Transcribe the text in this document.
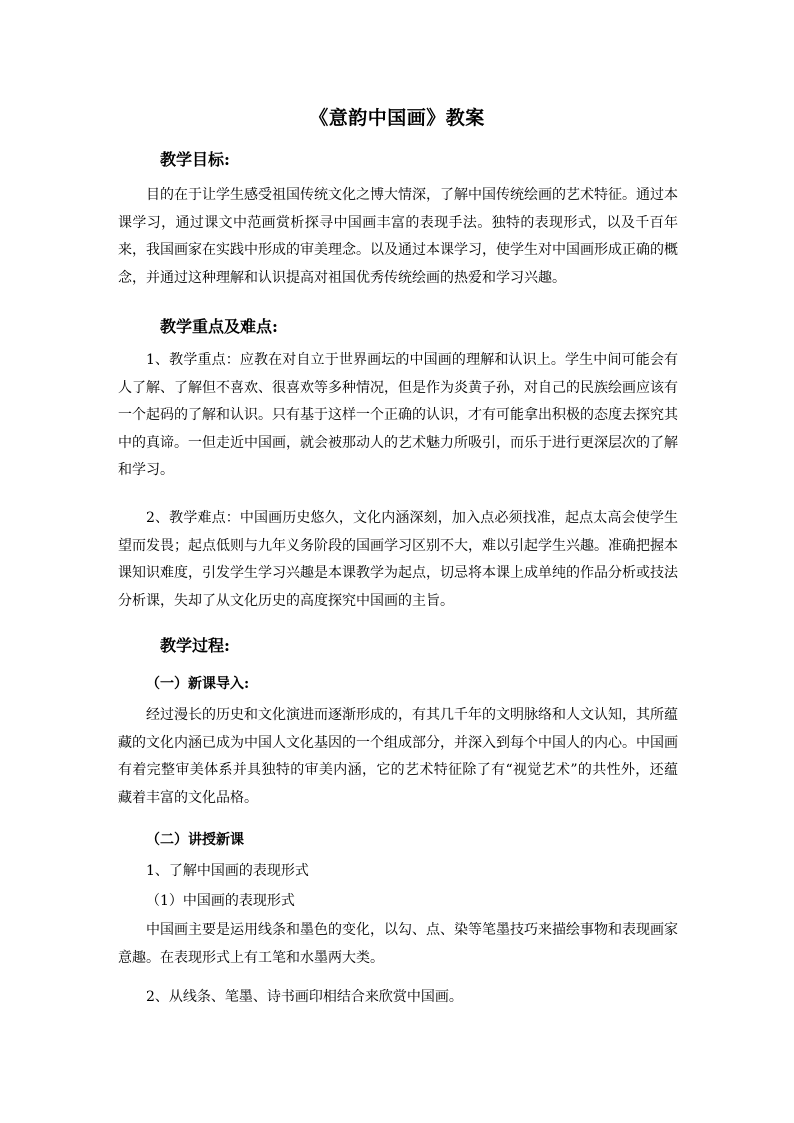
《意韵中国画》教案
教学目标:

目的在于让学生感受祖国传统文化之博大情深，了解中国传统绘画的艺术特征。通过本课学习，通过课文中范画赏析探寻中国画丰富的表现手法。独特的表现形式，以及千百年来，我国画家在实践中形成的审美理念。以及通过本课学习，使学生对中国画形成正确的概念，并通过这种理解和认识提高对祖国优秀传统绘画的热爱和学习兴趣。

教学重点及难点:

1、教学重点：应教在对自立于世界画坛的中国画的理解和认识上。学生中间可能会有人了解、了解但不喜欢、很喜欢等多种情况，但是作为炎黄子孙，对自己的民族绘画应该有一个起码的了解和认识。只有基于这样一个正确的认识，才有可能拿出积极的态度去探究其中的真谛。一但走近中国画，就会被那动人的艺术魅力所吸引，而乐于进行更深层次的了解和学习。

2、教学难点：中国画历史悠久，文化内涵深刻，加入点必须找准，起点太高会使学生望而发畏；起点低则与九年义务阶段的国画学习区别不大，难以引起学生兴趣。准确把握本课知识难度，引发学生学习兴趣是本课教学为起点，切忌将本课上成单纯的作品分析或技法分析课，失却了从文化历史的高度探究中国画的主旨。

教学过程:
（一）新课导入:

经过漫长的历史和文化演进而逐渐形成的，有其几千年的文明脉络和人文认知，其所蕴藏的文化内涵已成为中国人文化基因的一个组成部分，并深入到每个中国人的内心。中国画有着完整审美体系并具独特的审美内涵，它的艺术特征除了有“视觉艺术”的共性外，还蕴藏着丰富的文化品格。

（二）讲授新课
1、了解中国画的表现形式
（1）中国画的表现形式

中国画主要是运用线条和墨色的变化，以勾、点、染等笔墨技巧来描绘事物和表现画家意趣。在表现形式上有工笔和水墨两大类。

2、从线条、笔墨、诗书画印相结合来欣赏中国画。
